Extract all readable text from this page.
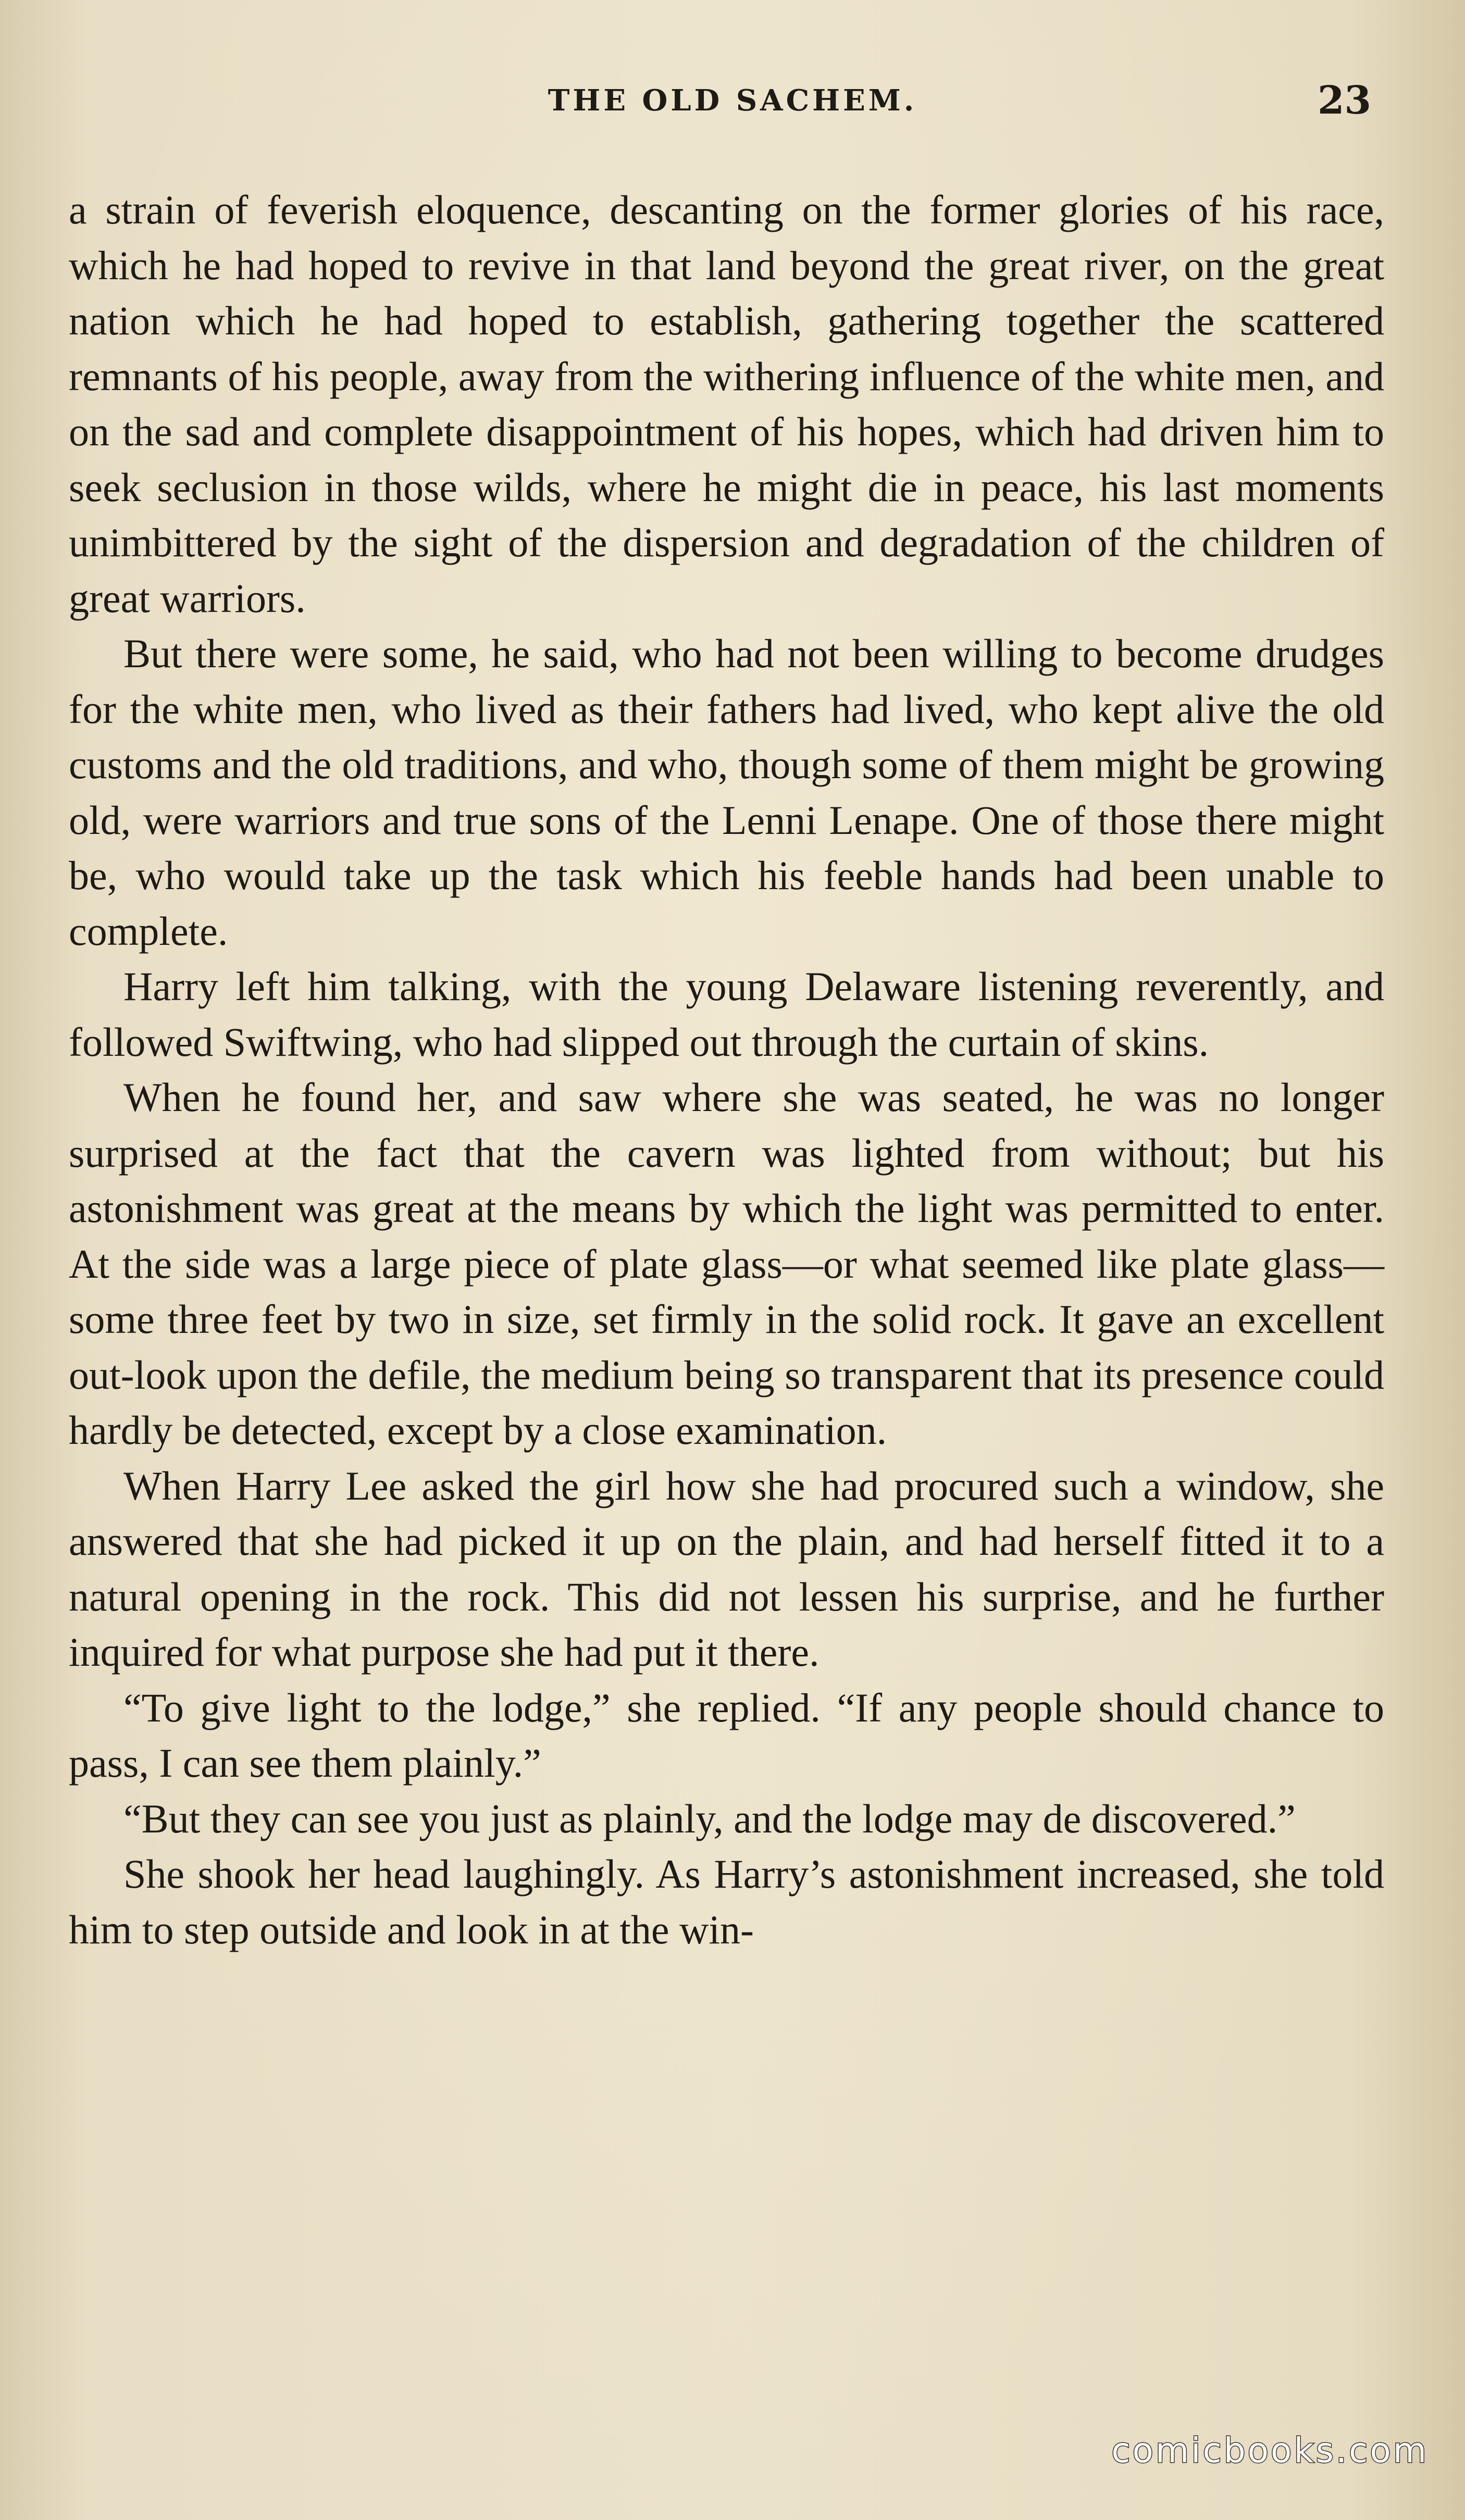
THE OLD SACHEM.	23

a strain of feverish eloquence, descanting on the former glories of his race, which he had hoped to revive in that land beyond the great river, on the great nation which he had hoped to establish, gathering together the scattered remnants of his people, away from the withering influence of the white men, and on the sad and complete disappointment of his hopes, which had driven him to seek seclusion in those wilds, where he might die in peace, his last moments unimbittered by the sight of the dispersion and degradation of the children of great warriors.

But there were some, he said, who had not been willing to become drudges for the white men, who lived as their fathers had lived, who kept alive the old customs and the old traditions, and who, though some of them might be growing old, were warriors and true sons of the Lenni Lenape. One of those there might be, who would take up the task which his feeble hands had been unable to complete.

Harry left him talking, with the young Delaware listening reverently, and followed Swiftwing, who had slipped out through the curtain of skins.

When he found her, and saw where she was seated, he was no longer surprised at the fact that the cavern was lighted from without; but his astonishment was great at the means by which the light was permitted to enter. At the side was a large piece of plate glass—or what seemed like plate glass—some three feet by two in size, set firmly in the solid rock. It gave an excellent out-look upon the defile, the medium being so transparent that its presence could hardly be detected, except by a close examination.

When Harry Lee asked the girl how she had procured such a window, she answered that she had picked it up on the plain, and had herself fitted it to a natural opening in the rock. This did not lessen his surprise, and he further inquired for what purpose she had put it there.

“To give light to the lodge,” she replied. “If any people should chance to pass, I can see them plainly.”

“But they can see you just as plainly, and the lodge may de discovered.”

She shook her head laughingly. As Harry’s astonishment increased, she told him to step outside and look in at the win-

comicbooks.com
